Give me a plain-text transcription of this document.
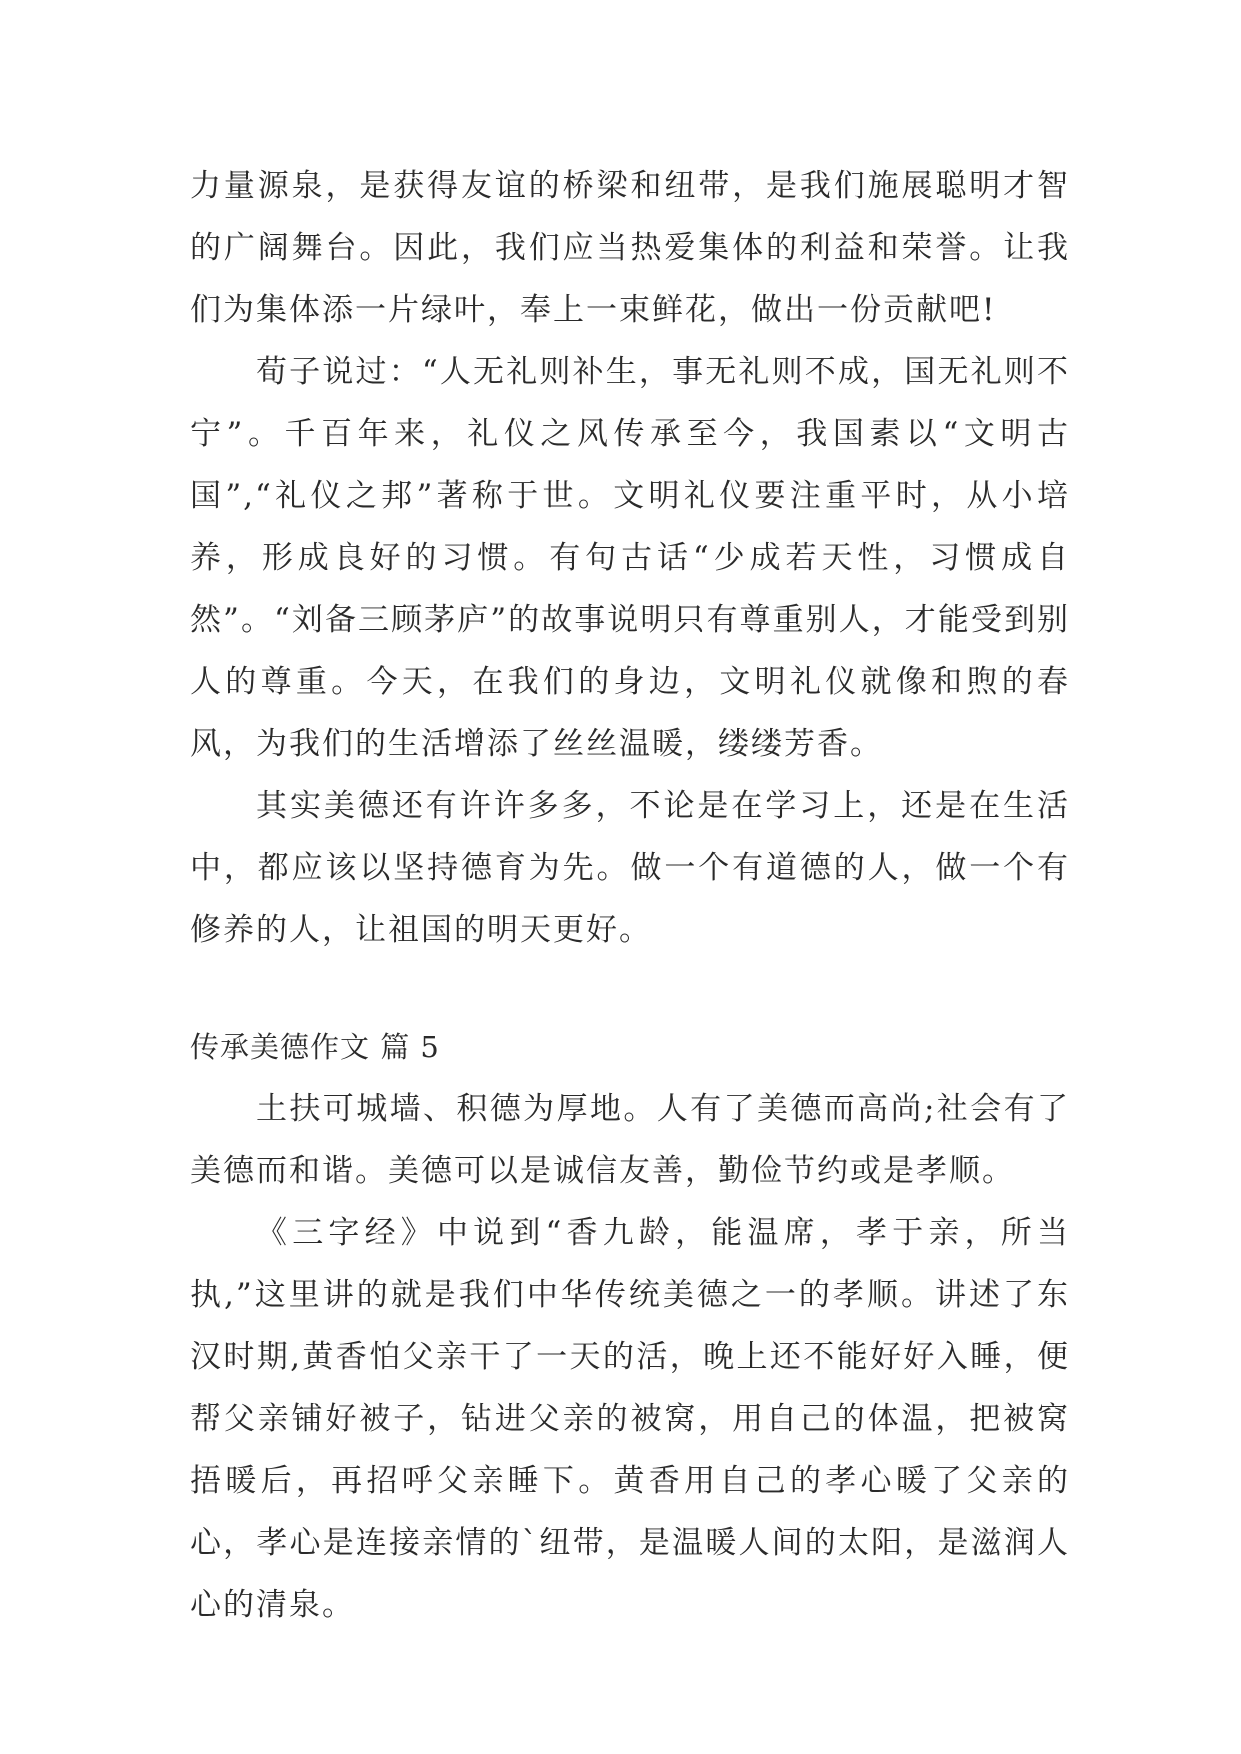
力量源泉，是获得友谊的桥梁和纽带，是我们施展聪明才智的广阔舞台。因此，我们应当热爱集体的利益和荣誉。让我们为集体添一片绿叶，奉上一束鲜花，做出一份贡献吧!

荀子说过：“人无礼则补生，事无礼则不成，国无礼则不宁”。千百年来，礼仪之风传承至今，我国素以“文明古国”,“礼仪之邦”著称于世。文明礼仪要注重平时，从小培养，形成良好的习惯。有句古话“少成若天性，习惯成自然”。“刘备三顾茅庐”的故事说明只有尊重别人，才能受到别人的尊重。今天，在我们的身边，文明礼仪就像和煦的春风，为我们的生活增添了丝丝温暖，缕缕芳香。

其实美德还有许许多多，不论是在学习上，还是在生活中，都应该以坚持德育为先。做一个有道德的人，做一个有修养的人，让祖国的明天更好。

传承美德作文 篇 5

土扶可城墙、积德为厚地。人有了美德而高尚;社会有了美德而和谐。美德可以是诚信友善，勤俭节约或是孝顺。

《三字经》中说到“香九龄，能温席，孝于亲，所当执,”这里讲的就是我们中华传统美德之一的孝顺。讲述了东汉时期,黄香怕父亲干了一天的活，晚上还不能好好入睡，便帮父亲铺好被子，钻进父亲的被窝，用自己的体温，把被窝捂暖后，再招呼父亲睡下。黄香用自己的孝心暖了父亲的心，孝心是连接亲情的`纽带，是温暖人间的太阳，是滋润人心的清泉。
